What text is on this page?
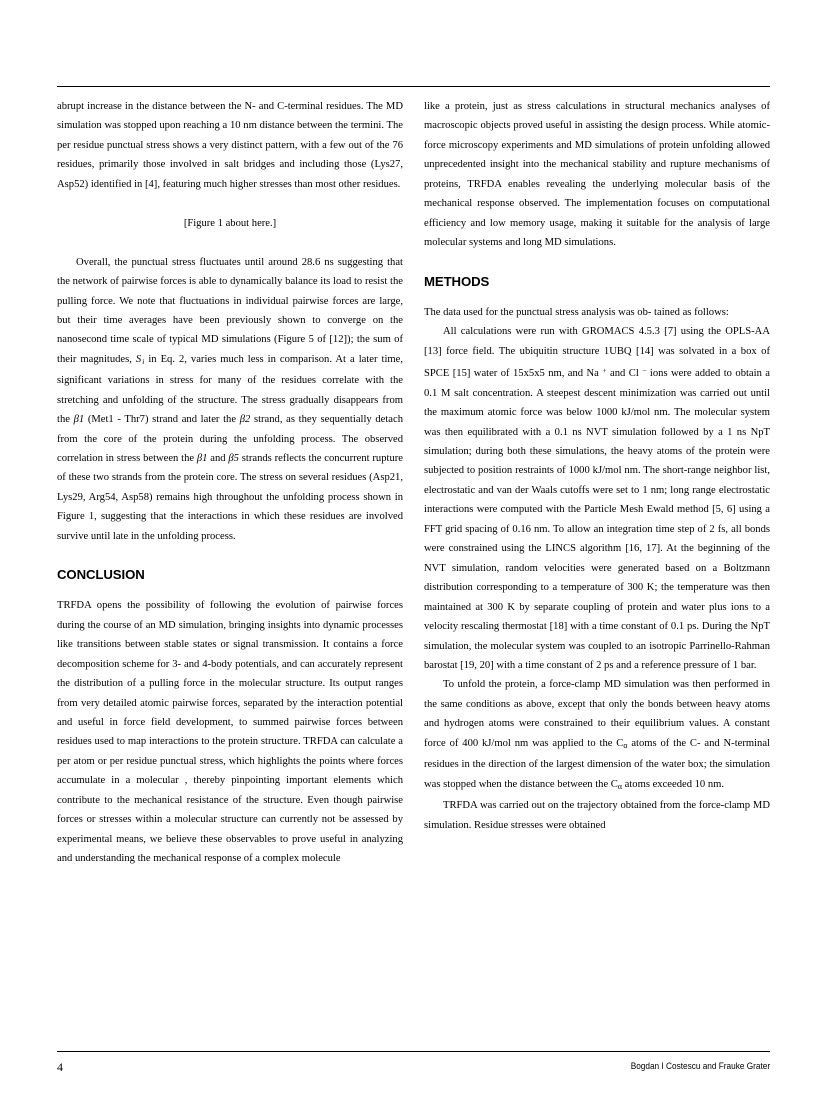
abrupt increase in the distance between the N- and C-terminal residues. The MD simulation was stopped upon reaching a 10 nm distance between the termini. The per residue punctual stress shows a very distinct pattern, with a few out of the 76 residues, primarily those involved in salt bridges and including those (Lys27, Asp52) identified in [4], featuring much higher stresses than most other residues.

[Figure 1 about here.]

Overall, the punctual stress fluctuates until around 28.6 ns suggesting that the network of pairwise forces is able to dynamically balance its load to resist the pulling force. We note that fluctuations in individual pairwise forces are large, but their time averages have been previously shown to converge on the nanosecond time scale of typical MD simulations (Figure 5 of [12]); the sum of their magnitudes, $S_i$ in Eq. 2, varies much less in comparison. At a later time, significant variations in stress for many of the residues correlate with the stretching and unfolding of the structure. The stress gradually disappears from the β1 (Met1 - Thr7) strand and later the β2 strand, as they sequentially detach from the core of the protein during the unfolding process. The observed correlation in stress between the β1 and β5 strands reflects the concurrent rupture of these two strands from the protein core. The stress on several residues (Asp21, Lys29, Arg54, Asp58) remains high throughout the unfolding process shown in Figure 1, suggesting that the interactions in which these residues are involved survive until late in the unfolding process.

CONCLUSION

TRFDA opens the possibility of following the evolution of pairwise forces during the course of an MD simulation, bringing insights into dynamic processes like transitions between stable states or signal transmission. It contains a force decomposition scheme for 3- and 4-body potentials, and can accurately represent the distribution of a pulling force in the molecular structure. Its output ranges from very detailed atomic pairwise forces, separated by the interaction potential and useful in force field development, to summed pairwise forces between residues used to map interactions to the protein structure. TRFDA can calculate a per atom or per residue punctual stress, which highlights the points where forces accumulate in a molecular , thereby pinpointing important elements which contribute to the mechanical resistance of the structure. Even though pairwise forces or stresses within a molecular structure can currently not be assessed by experimental means, we believe these observables to prove useful in analyzing and understanding the mechanical response of a complex molecule

like a protein, just as stress calculations in structural mechanics analyses of macroscopic objects proved useful in assisting the design process. While atomic-force microscopy experiments and MD simulations of protein unfolding allowed unprecedented insight into the mechanical stability and rupture mechanisms of proteins, TRFDA enables revealing the underlying molecular basis of the mechanical response observed. The implementation focuses on computational efficiency and low memory usage, making it suitable for the analysis of large molecular systems and long MD simulations.

METHODS

The data used for the punctual stress analysis was ob- tained as follows:

All calculations were run with GROMACS 4.5.3 [7] using the OPLS-AA [13] force field. The ubiquitin structure 1UBQ [14] was solvated in a box of SPCE [15] water of 15x5x5 nm, and Na + and Cl − ions were added to obtain a 0.1 M salt concentration. A steepest descent minimization was carried out until the maximum atomic force was below 1000 kJ/mol nm. The molecular system was then equilibrated with a 0.1 ns NVT simulation followed by a 1 ns NpT simulation; during both these simulations, the heavy atoms of the protein were subjected to position restraints of 1000 kJ/mol nm. The short-range neighbor list, electrostatic and van der Waals cutoffs were set to 1 nm; long range electrostatic interactions were computed with the Particle Mesh Ewald method [5, 6] using a FFT grid spacing of 0.16 nm. To allow an integration time step of 2 fs, all bonds were constrained using the LINCS algorithm [16, 17]. At the beginning of the NVT simulation, random velocities were generated based on a Boltzmann distribution corresponding to a temperature of 300 K; the temperature was then maintained at 300 K by separate coupling of protein and water plus ions to a velocity rescaling thermostat [18] with a time constant of 0.1 ps. During the NpT simulation, the molecular system was coupled to an isotropic Parrinello-Rahman barostat [19, 20] with a time constant of 2 ps and a reference pressure of 1 bar.

To unfold the protein, a force-clamp MD simulation was then performed in the same conditions as above, except that only the bonds between heavy atoms and hydrogen atoms were constrained to their equilibrium values. A constant force of 400 kJ/mol nm was applied to the $C_\alpha$ atoms of the C- and N-terminal residues in the direction of the largest dimension of the water box; the simulation was stopped when the distance between the $C_\alpha$ atoms exceeded 10 nm.

TRFDA was carried out on the trajectory obtained from the force-clamp MD simulation. Residue stresses were obtained

4	Bogdan I Costescu and Frauke Grater
